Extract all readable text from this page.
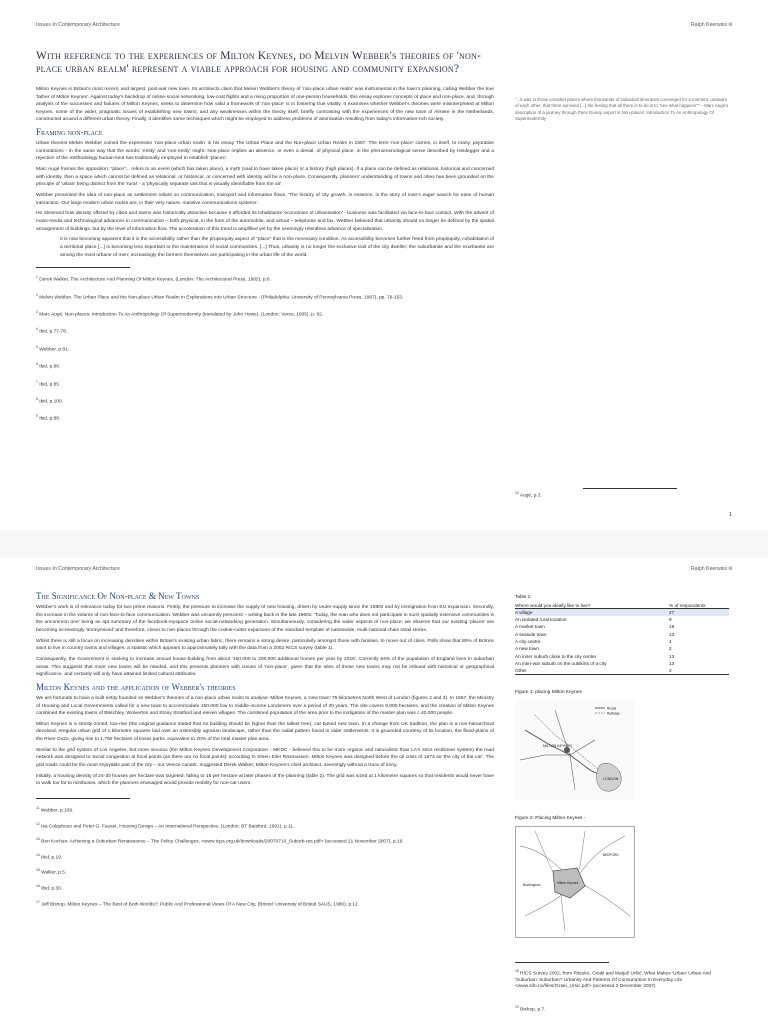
Issues In Contemporary Architecture	Ralph Keerwiss iii
With reference to the experiences of Milton Keynes, do Melvin Webber's theories of 'non-place urban realm' represent a viable approach for housing and community expansion?

Milton Keynes is Britain's most recent, and largest, post-war new town. Its architects claim that Melvin Webber's theory of 'non-place urban realm' was instrumental in the town's planning, calling Webber the true 'father of Milton Keynes'. Against today's backdrop of online-social networking, low-cost flights and a rising proportion of one-person households, this essay explores concepts of place and non-place, and, through analysis of the successes and failures of Milton Keynes, seeks to determine how valid a framework of 'non-place' is in fostering true vitality. It examines whether Webber's theories were misinterpreted at Milton Keynes, some of the wider, pragmatic issues of establishing new towns, and any weaknesses within the theory itself, briefly contrasting with the experiences of the new town of Almere in the Netherlands, constructed around a different urban theory. Finally, it identifies some techniques which might be employed to address problems of atomisation resulting from today's information-rich society.

Framing non-place

Urban theorist Melvin Webber coined the expression 'non-place urban realm' in his essay The Urban Place and the Non-place Urban Realm in 1967. The term 'non-place' carries, in itself, to many, pejorative connotations - in the same way that the words: 'entity' and 'non-entity' might. Non-place implies an absence, or even a denial, of physical place, in the phenomenological sense described by Heidegger and a rejection of the methodology human-kind has traditionally employed to establish 'places'.

Marc Augé frames the opposition: "place"... refers to an event (which has taken place), a myth (said to have taken place) or a history (high places). If a place can be defined as relational, historical and concerned with identity, then a space which cannot be defined as relational, or historical, or concerned with identity will be a non-place. Consequently, planners' understanding of towns and cities has been grounded on the principle of 'urban' being distinct from the 'rural' - a 'physically separate unit that is visually identifiable from the air'.

Webber presented the idea of non-place as settlement reliant on communication, transport and information flows. 'The history of city growth, in essence, is the story of man's eager search for ease of human interaction. Our large modern urban nodes are, in their very nature, massive communications systems'.

He observed how density offered by cities and towns was historically attractive because it afforded its inhabitants 'economies of urbanisation' - business was facilitated via face-to-face contact. With the advent of mass-media and technological advances in communication – both physical, in the form of the automobile, and virtual – telephone and fax, Webber believed that urbanity should no longer be defined by the spatial arrangement of buildings, but by the level of information flow. The acceleration of this trend is amplified yet by the seemingly relentless advance of specialisation.

It is now becoming apparent that it is the accessibility rather than the propinquity aspect of "place" that is the necessary condition. As accessibility becomes further freed from propinquity, cohabitation of a territorial place [...] is becoming less important to the maintenance of social communities. [...] Thus, urbanity is no longer the exclusive trait of the city dweller; the suburbanite and the exurbanite are among the most urbane of men; increasingly the farmers themselves are participating in the urban life of the world.

$^1$ Derek Walker, The Architecture And Planning Of Milton Keynes, (London: The Architectural Press, 1982), p.8.
$^2$ Melvin Webber, The Urban Place and the Non-place Urban Realm In Explorations into Urban Structure - (Philadelphia: University of Pennsylvania Press, 1967), pp. 79-153.
$^3$ Marc Augé, Non-places: Introduction To An Anthropology Of Supermodernity (translated by John Howe), (London: Verso, 1995), p. 82.
$^4$ Ibid, p.77-78.
$^5$ Webber, p.81.
$^6$ Ibid, p.86.
$^7$ Ibid, p.85.
$^8$ Ibid, p.109.
$^9$ Ibid, p.88.
"...it was in those crowded places where thousands of individual itineraries converged for a moment, unaware of each other, that there survived [...] the feeling that all there is to do is to "see what happens"" – Marc Augé's description of a journey through Paris Roissy airport in Non-places: Introduction To An Anthropology Of Supermodernity
$^{10}$ Augé, p.3.
1
Issues In Contemporary Architecture	Ralph Keerwiss iii
The Significance Of Non-place & New Towns

Webber's work is of relevance today for two prime reasons. Firstly, the pressure to increase the supply of new housing, driven by under-supply since the 1980s and by immigration from EU expansion. Secondly, the increase in the volume of non-face-to-face communication. Webber was uncannily prescient – writing back in the late 1960s: 'Today, the man who does not participate in such spatially extensive communities is the uncommon one' being an apt summary of the facebook-myspace online social-networking generation. Simultaneously, considering the wider aspects of non-place, we observe that our existing 'places' are becoming increasingly 'anonymised' and therefore, closer to non-places through the cookie-cutter expansion of the standard template of nationwide, multi-national chain retail stores.

Whilst there is still a focus on increasing densities within Britain's existing urban fabric, there remains a strong desire, particularly amongst those with families, to move out of cities. Polls show that 80% of Britons want to live in country towns and villages, a statistic which appears to approximately tally with the data from a 2002 RICS survey (table 1).

Consequently, the Government is seeking to increase annual house-building from about '160,000 to 200,000 additional homes per year by 2016'. Correctly 84% of the population of England lives in suburban areas. This suggests that more new towns will be needed, and this presents planners with issues of 'non-place', given that the sites of these new towns may not be imbued with historical or geographical significance, and certainly will only have attained limited cultural attributes.

Milton Keynes and the application of Webber's theories

We are fortunate to have a built entity founded on Webber's theories of a non-place urban realm to analyse: Milton Keynes, a 'new town' 75 kilometres North West of London (figures 2 and 3). In 1967, the Ministry of Housing and Local Governments called for a new town to accommodate 150,000 low to middle-income Londoners over a period of 20 years. The site covers 9,000 hectares, and the creation of Milton Keynes combined the existing towns of Bletchley, Wolverton and Stony Stratford and eleven villages. The combined population of the area prior to the instigation of the master plan was c.40,000 people.

Milton Keynes is a strictly-zoned, low-rise (the original guidance stated that no building should be higher than the tallest tree), car-based new town. In a change from UK tradition, the plan is a non-hierarchical devolved, irregular urban grid of 1 kilometre squares laid over an ostensibly agrarian landscape, rather than the radial pattern found in older settlements. It is grounded courtesy of its location, the flood-plains of the River Ouzo, giving rise to 1,750 hectares of linear parks, equivalent to 20% of the total master plan area.

Similar to the grid system of Los Angeles, but more sinuous (the Milton Keynes Development Corporation - MKDC - believed this to be more organic and naturalistic than LA's strict rectilinear system) the road network was designed to 'avoid congestion at focal points (as there are no focal points)' according to Steen Eiler Rasmussen. Milton Keynes was designed before the oil crisis of 1973 as 'the city of the car'. The grid roads could be the most enjoyable part of the city – our Venice canals', suggested Derek Walker, Milton Keynes's chief architect, seemingly without a trace of irony.

Initially, a housing density of 24-30 houses per hectare was targeted, falling to 15 per hectare at later phases of the planning (table 2). The grid was sized at 1 kilometre squares so that residents would never have to walk too far to minibuses, which the planners envisaged would provide mobility for non-car users.

$^{11}$ Webber, p.109.
$^{12}$ Isa Colquhoun and Peter G. Fauset, Housing Design – An International Perspective, (London: BT Batsford, 1991), p.11.
$^{13}$ Ben Kochan, Achieving a Suburban Renaissance – The Policy Challenges, <www.tcpa.org.uk/downloads/20070710_Suburb-res.pdf> (accessed 21 November 2007), p.19.
$^{14}$ Ibid, p.19.
$^{15}$ Walker, p.5.
$^{16}$ Ibid, p.30.
$^{17}$ Jeff Bishop, Milton Keynes – The Best of Both Worlds?: Public And Professional Views Of A New City, (Bristol: University of Bristol SAUS, 1986), p.12.
Table 1:
Where would you ideally like to live?	% of respondents
A village	27
An isolated rural location	9
A market town	16
A seaside town	13
A city centre	4
A new town	2
An inner suburb close to the city centre	13
An inter-war suburb on the outskirts of a city	13
Other	2
Figure 1: placing Milton Keynes
MILTON KEYNES
LONDON
Roads
Railways
Figure 2: Placing Milton Keynes -
Milton Keynes
BEDFORD
Buckingham
$^{18}$ RICS Survey 2002, from Ritsuko, Ozaki and Matjaž Uršič, What Makes 'Urban' Urban And 'Suburban' Suburban? Urbanity And Patterns Of Consumption In Everyday Life <www.sifo.no/files/Ozaki_Ursic.pdf> (accessed 2 December 2007)
$^{19}$ Bishop, p.7.
